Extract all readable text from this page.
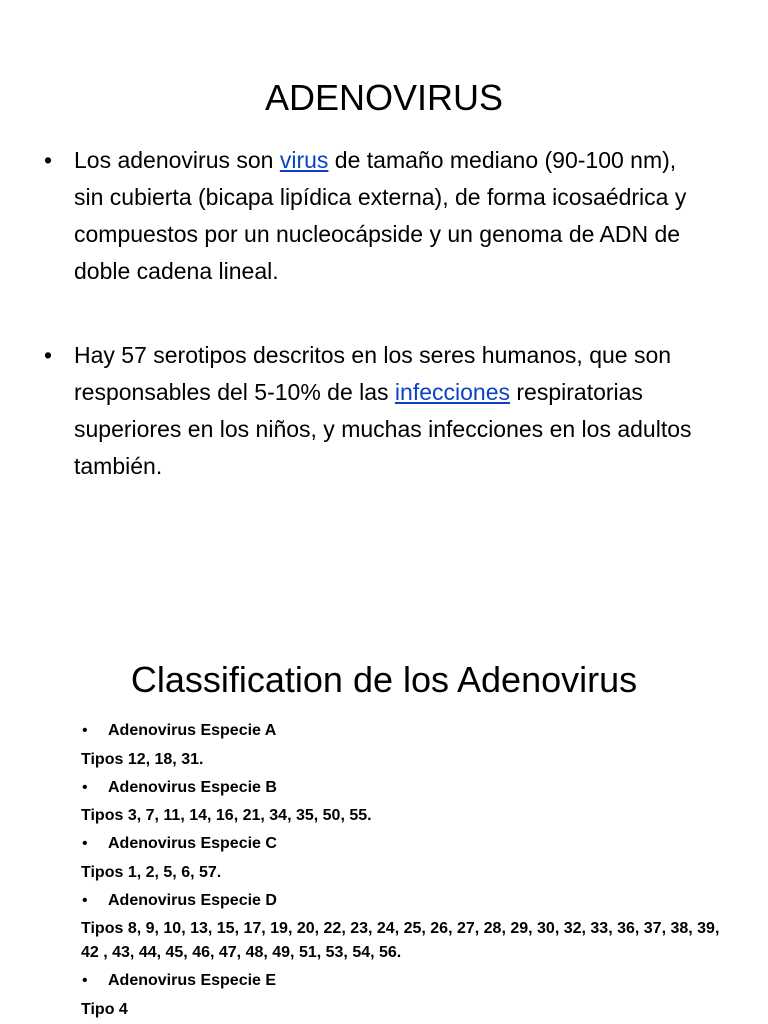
ADENOVIRUS
• Los adenovirus son virus de tamaño mediano (90-100 nm), sin cubierta (bicapa lipídica externa), de forma icosaédrica y compuestos por un nucleocápside y un genoma de ADN de doble cadena lineal.
• Hay 57 serotipos descritos en los seres humanos, que son responsables del 5-10% de las infecciones respiratorias superiores en los niños, y muchas infecciones en los adultos también.
Classification de los Adenovirus
• Adenovirus Especie A
Tipos 12, 18, 31.
• Adenovirus Especie B
Tipos 3, 7, 11, 14, 16, 21, 34, 35, 50, 55.
• Adenovirus Especie C
Tipos 1, 2, 5, 6, 57.
• Adenovirus Especie D
Tipos 8, 9, 10, 13, 15, 17, 19, 20, 22, 23, 24, 25, 26, 27, 28, 29, 30, 32, 33, 36, 37, 38, 39, 42 , 43, 44, 45, 46, 47, 48, 49, 51, 53, 54, 56.
• Adenovirus Especie E
Tipo 4
